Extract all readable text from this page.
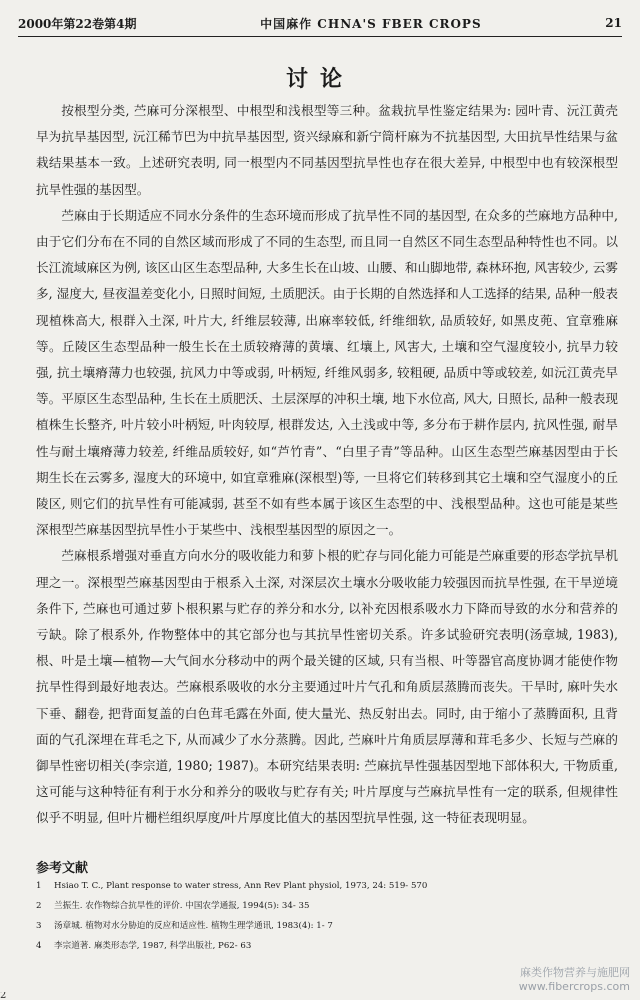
2000年第22卷第4期	中国麻作 CHNA'S FBER CROPS	21
讨论

按根型分类, 苎麻可分深根型、中根型和浅根型等三种。盆栽抗旱性鉴定结果为: 园叶青、沅江黄壳早为抗旱基因型, 沅江稀节巴为中抗旱基因型, 资兴绿麻和新宁筒杆麻为不抗基因型, 大田抗旱性结果与盆栽结果基本一致。上述研究表明, 同一根型内不同基因型抗旱性也存在很大差异, 中根型中也有较深根型抗旱性强的基因型。

苎麻由于长期适应不同水分条件的生态环境而形成了抗旱性不同的基因型, 在众多的苎麻地方品种中, 由于它们分布在不同的自然区域而形成了不同的生态型, 而且同一自然区不同生态型品种特性也不同。以长江流域麻区为例, 该区山区生态型品种, 大多生长在山坡、山腰、和山脚地带, 森林环抱, 风害较少, 云雾多, 湿度大, 昼夜温差变化小, 日照时间短, 土质肥沃。由于长期的自然选择和人工选择的结果, 品种一般表现植株高大, 根群入土深, 叶片大, 纤维层较薄, 出麻率较低, 纤维细软, 品质较好, 如黑皮蔸、宜章雅麻等。丘陵区生态型品种一般生长在土质较瘠薄的黄壤、红壤上, 风害大, 土壤和空气湿度较小, 抗旱力较强, 抗土壤瘠薄力也较强, 抗风力中等或弱, 叶柄短, 纤维风弱多, 较粗硬, 品质中等或较差, 如沅江黄壳早等。平原区生态型品种, 生长在土质肥沃、土层深厚的冲积土壤, 地下水位高, 风大, 日照长, 品种一般表现植株生长整齐, 叶片较小叶柄短, 叶肉较厚, 根群发达, 入土浅或中等, 多分布于耕作层内, 抗风性强, 耐旱性与耐土壤瘠薄力较差, 纤维品质较好, 如“芦竹青”、“白里子青”等品种。山区生态型苎麻基因型由于长期生长在云雾多, 湿度大的环境中, 如宜章雅麻(深根型)等, 一旦将它们转移到其它土壤和空气湿度小的丘陵区, 则它们的抗旱性有可能减弱, 甚至不如有些本属于该区生态型的中、浅根型品种。这也可能是某些深根型苎麻基因型抗旱性小于某些中、浅根型基因型的原因之一。

苎麻根系增强对垂直方向水分的吸收能力和萝卜根的贮存与同化能力可能是苎麻重要的形态学抗旱机理之一。深根型苎麻基因型由于根系入土深, 对深层次土壤水分吸收能力较强因而抗旱性强, 在干旱逆境条件下, 苎麻也可通过萝卜根积累与贮存的养分和水分, 以补充因根系吸水力下降而导致的水分和营养的亏缺。除了根系外, 作物整体中的其它部分也与其抗旱性密切关系。许多试验研究表明(汤章城, 1983), 根、叶是土壤—植物—大气间水分移动中的两个最关键的区域, 只有当根、叶等器官高度协调才能使作物抗旱性得到最好地表达。苎麻根系吸收的水分主要通过叶片气孔和角质层蒸腾而丧失。干旱时, 麻叶失水下垂、翻卷, 把背面复盖的白色茸毛露在外面, 使大量光、热反射出去。同时, 由于缩小了蒸腾面积, 且背面的气孔深埋在茸毛之下, 从而减少了水分蒸腾。因此, 苎麻叶片角质层厚薄和茸毛多少、长短与苎麻的御旱性密切相关(李宗道, 1980; 1987)。本研究结果表明: 苎麻抗旱性强基因型地下部体积大, 干物质重, 这可能与这种特征有利于水分和养分的吸收与贮存有关; 叶片厚度与苎麻抗旱性有一定的联系, 但规律性似乎不明显, 但叶片栅栏组织厚度/叶片厚度比值大的基因型抗旱性强, 这一特征表现明显。

参考文献
1 Hsiao T. C., Plant response to water stress, Ann Rev Plant physiol, 1973, 24: 519- 570
2 兰振生. 农作物综合抗旱性的评价. 中国农学通报, 1994(5): 34- 35
3 汤章城. 植物对水分胁迫的反应和适应性. 植物生理学通讯, 1983(4): 1- 7
4 李宗道著. 麻类形态学, 1987, 科学出版社, P62- 63
麻类作物营养与施肥网
www.fibercrops.com
2
